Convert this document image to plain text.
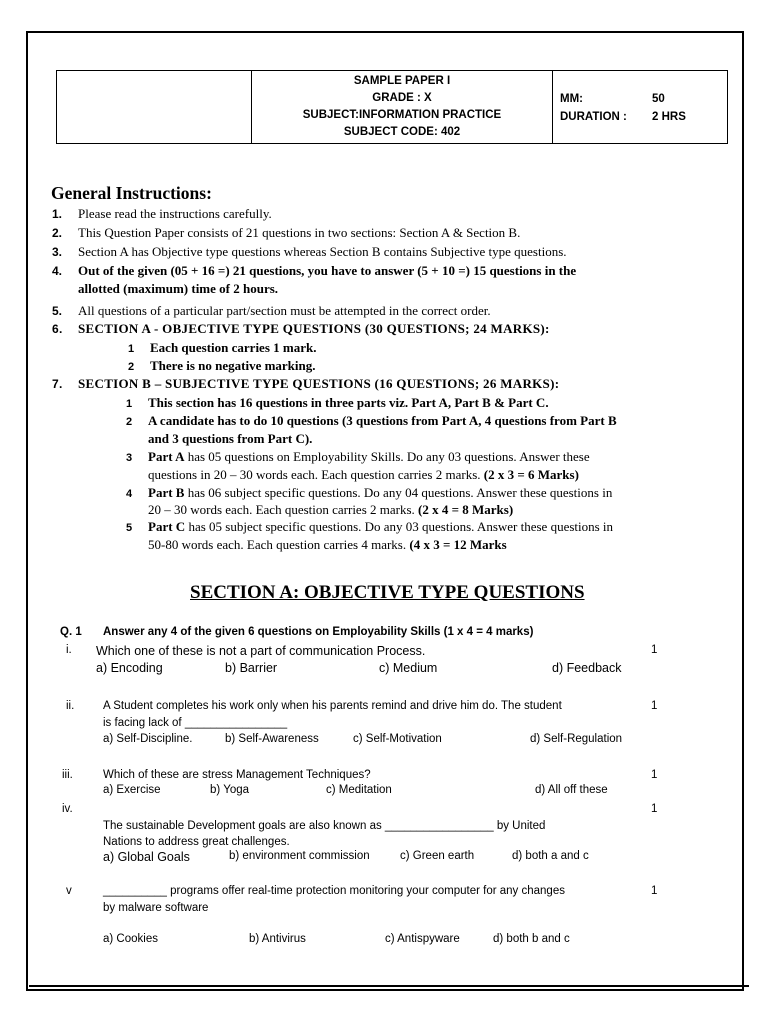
SAMPLE PAPER I
GRADE : X
SUBJECT:INFORMATION PRACTICE
SUBJECT CODE: 402
MM:	50
DURATION :	2 HRS
General Instructions:
1. Please read the instructions carefully.
2. This Question Paper consists of 21 questions in two sections: Section A & Section B.
3. Section A has Objective type questions whereas Section B contains Subjective type questions.
4. Out of the given (05 + 16 =) 21 questions, you have to answer (5 + 10 =) 15 questions in the
allotted (maximum) time of 2 hours.
5. All questions of a particular part/section must be attempted in the correct order.
6. SECTION A - OBJECTIVE TYPE QUESTIONS (30 QUESTIONS; 24 MARKS):
1 Each question carries 1 mark.
2 There is no negative marking.
7. SECTION B – SUBJECTIVE TYPE QUESTIONS (16 QUESTIONS; 26 MARKS):
1 This section has 16 questions in three parts viz. Part A, Part B & Part C.
2 A candidate has to do 10 questions (3 questions from Part A, 4 questions from Part B
and 3 questions from Part C).
3 Part A has 05 questions on Employability Skills. Do any 03 questions. Answer these
questions in 20 – 30 words each. Each question carries 2 marks. (2 x 3 = 6 Marks)
4 Part B has 06 subject specific questions. Do any 04 questions. Answer these questions in
20 – 30 words each. Each question carries 2 marks. (2 x 4 = 8 Marks)
5 Part C has 05 subject specific questions. Do any 03 questions. Answer these questions in
50-80 words each. Each question carries 4 marks. (4 x 3 = 12 Marks
SECTION A: OBJECTIVE TYPE QUESTIONS
Q. 1 Answer any 4 of the given 6 questions on Employability Skills (1 x 4 = 4 marks)
i. Which one of these is not a part of communication Process.	1
a) Encoding	b) Barrier	c) Medium	d) Feedback
ii. A Student completes his work only when his parents remind and drive him do. The student	1
is facing lack of ________________
a) Self-Discipline.	b) Self-Awareness	c) Self-Motivation	d) Self-Regulation
iii.	Which of these are stress Management Techniques?	1
a) Exercise	b) Yoga	c) Meditation	d) All off these
iv.	1
The sustainable Development goals are also known as _________________ by United
Nations to address great challenges.
a) Global Goals	b) environment commission	c) Green earth	d) both a and c
v	__________ programs offer real-time protection monitoring your computer for any changes	1
by malware software
a) Cookies	b) Antivirus	c) Antispyware	d) both b and c
